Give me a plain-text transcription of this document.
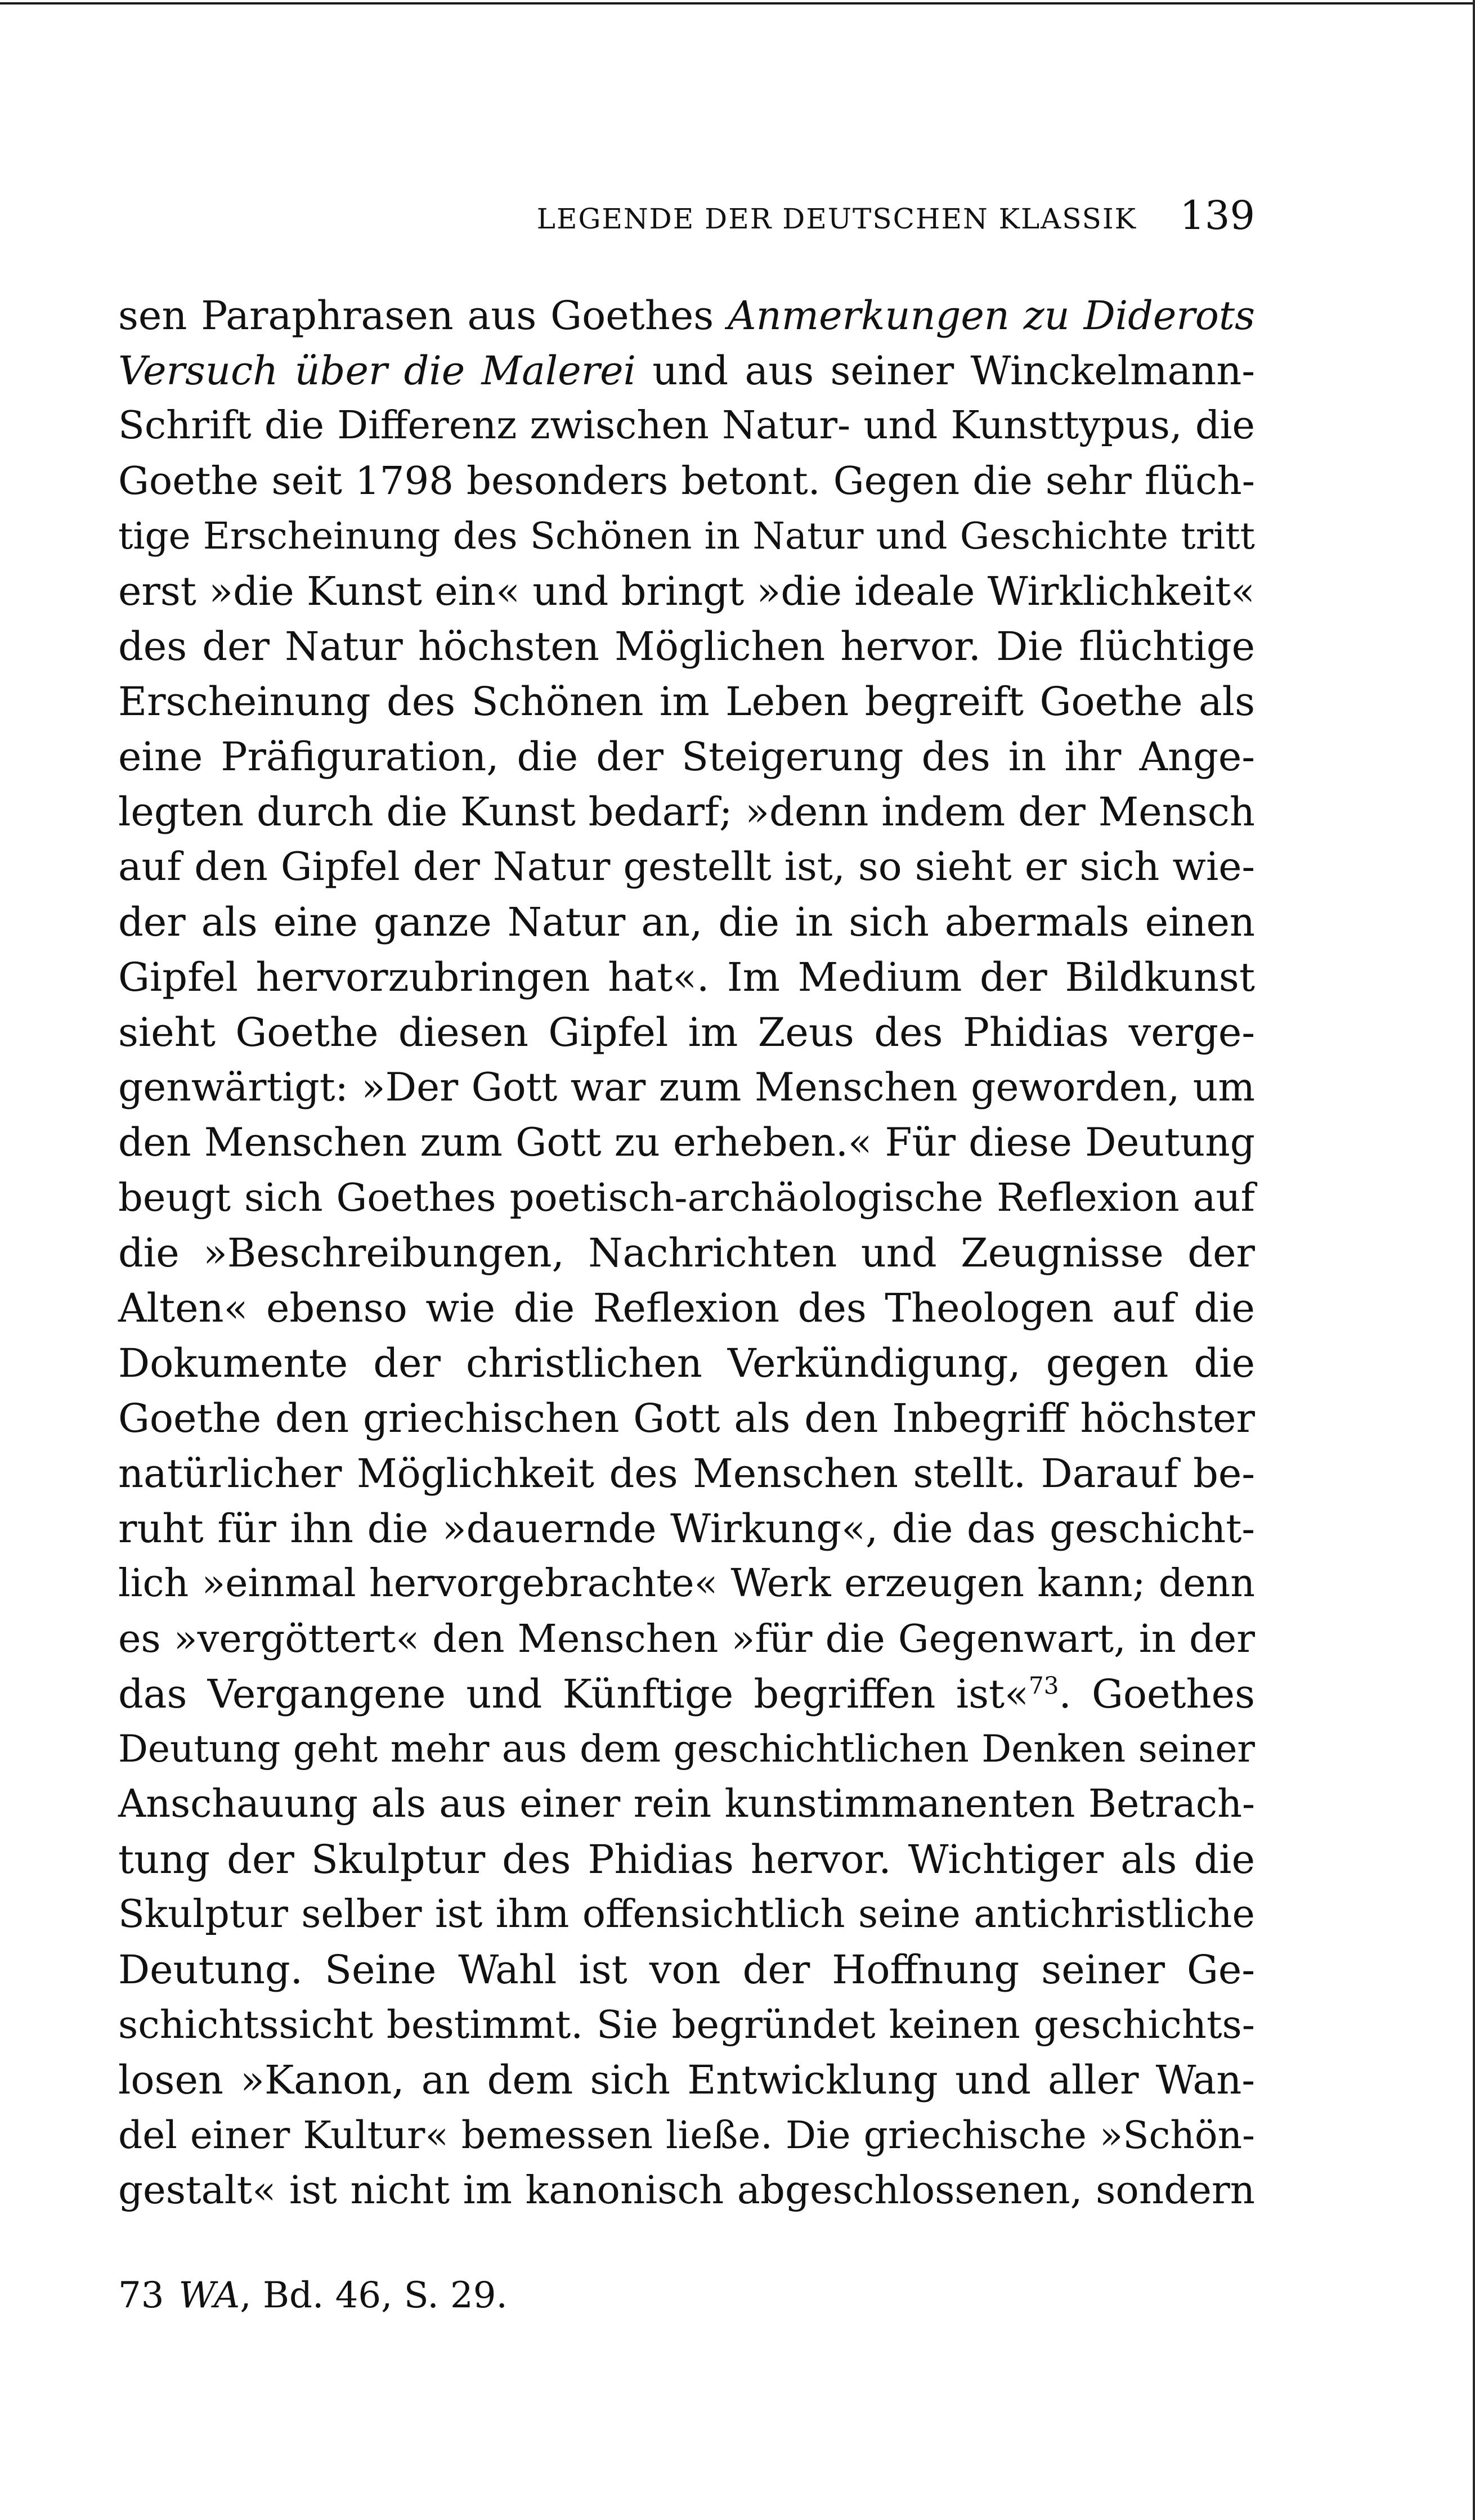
LEGENDE DER DEUTSCHEN KLASSIK 139
sen Paraphrasen aus Goethes Anmerkungen zu Diderots
Versuch über die Malerei und aus seiner Winckelmann-
Schrift die Differenz zwischen Natur- und Kunsttypus, die
Goethe seit 1798 besonders betont. Gegen die sehr flüch-
tige Erscheinung des Schönen in Natur und Geschichte tritt
erst »die Kunst ein« und bringt »die ideale Wirklichkeit«
des der Natur höchsten Möglichen hervor. Die flüchtige
Erscheinung des Schönen im Leben begreift Goethe als
eine Präfiguration, die der Steigerung des in ihr Ange-
legten durch die Kunst bedarf; »denn indem der Mensch
auf den Gipfel der Natur gestellt ist, so sieht er sich wie-
der als eine ganze Natur an, die in sich abermals einen
Gipfel hervorzubringen hat«. Im Medium der Bildkunst
sieht Goethe diesen Gipfel im Zeus des Phidias verge-
genwärtigt: »Der Gott war zum Menschen geworden, um
den Menschen zum Gott zu erheben.« Für diese Deutung
beugt sich Goethes poetisch-archäologische Reflexion auf
die »Beschreibungen, Nachrichten und Zeugnisse der
Alten« ebenso wie die Reflexion des Theologen auf die
Dokumente der christlichen Verkündigung, gegen die
Goethe den griechischen Gott als den Inbegriff höchster
natürlicher Möglichkeit des Menschen stellt. Darauf be-
ruht für ihn die »dauernde Wirkung«, die das geschicht-
lich »einmal hervorgebrachte« Werk erzeugen kann; denn
es »vergöttert« den Menschen »für die Gegenwart, in der
das Vergangene und Künftige begriffen ist«$^{73}$. Goethes
Deutung geht mehr aus dem geschichtlichen Denken seiner
Anschauung als aus einer rein kunstimmanenten Betrach-
tung der Skulptur des Phidias hervor. Wichtiger als die
Skulptur selber ist ihm offensichtlich seine antichristliche
Deutung. Seine Wahl ist von der Hoffnung seiner Ge-
schichtssicht bestimmt. Sie begründet keinen geschichts-
losen »Kanon, an dem sich Entwicklung und aller Wan-
del einer Kultur« bemessen ließe. Die griechische »Schön-
gestalt« ist nicht im kanonisch abgeschlossenen, sondern
73 WA, Bd. 46, S. 29.
